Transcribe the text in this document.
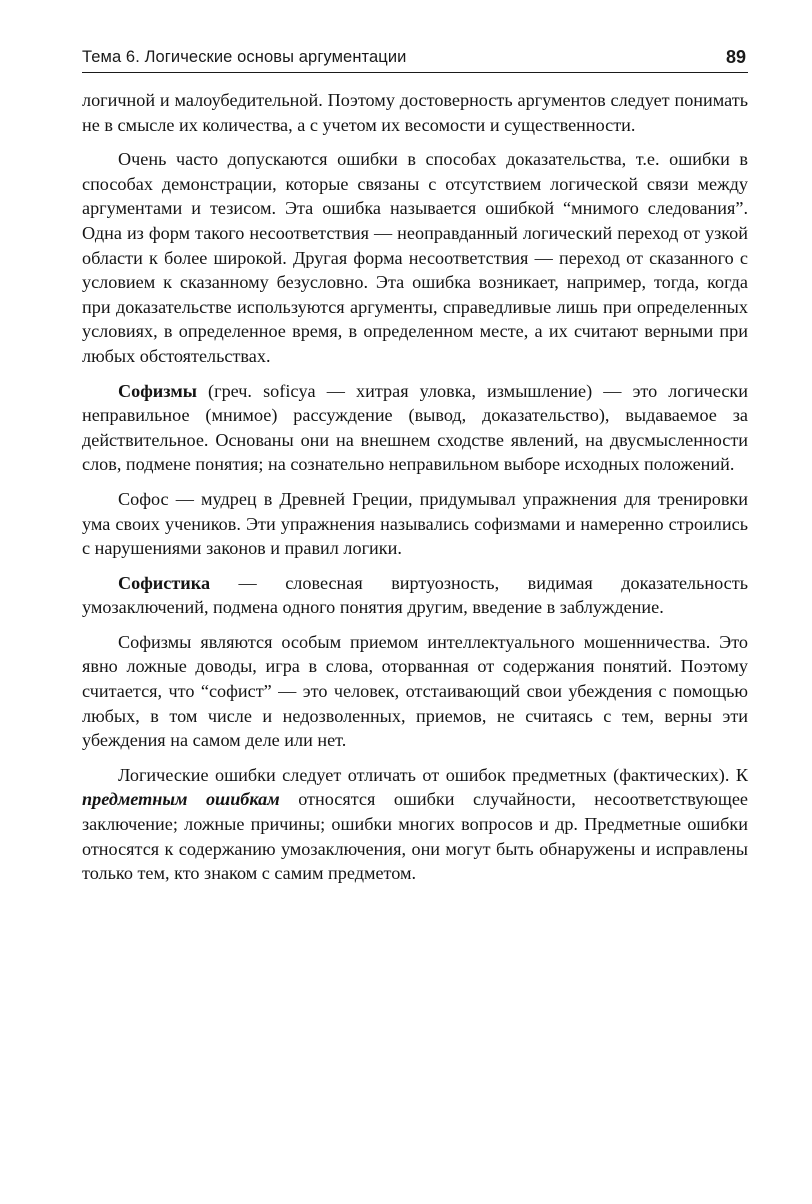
Тема 6. Логические основы аргументации	89

логичной и малоубедительной. Поэтому достоверность аргументов следует понимать не в смысле их количества, а с учетом их весомости и существенности.

Очень часто допускаются ошибки в способах доказательства, т.е. ошибки в способах демонстрации, которые связаны с отсутствием логической связи между аргументами и тезисом. Эта ошибка называется ошибкой “мнимого следования”. Одна из форм такого несоответствия — неоправданный логический переход от узкой области к более широкой. Другая форма несоответствия — переход от сказанного с условием к сказанному безусловно. Эта ошибка возникает, например, тогда, когда при доказательстве используются аргументы, справедливые лишь при определенных условиях, в определенное время, в определенном месте, а их считают верными при любых обстоятельствах.

Софизмы (греч. soficya — хитрая уловка, измышление) — это логически неправильное (мнимое) рассуждение (вывод, доказательство), выдаваемое за действительное. Основаны они на внешнем сходстве явлений, на двусмысленности слов, подмене понятия; на сознательно неправильном выборе исходных положений.

Софос — мудрец в Древней Греции, придумывал упражнения для тренировки ума своих учеников. Эти упражнения назывались софизмами и намеренно строились с нарушениями законов и правил логики.

Софистика — словесная виртуозность, видимая доказательность умозаключений, подмена одного понятия другим, введение в заблуждение.

Софизмы являются особым приемом интеллектуального мошенничества. Это явно ложные доводы, игра в слова, оторванная от содержания понятий. Поэтому считается, что “софист” — это человек, отстаивающий свои убеждения с помощью любых, в том числе и недозволенных, приемов, не считаясь с тем, верны эти убеждения на самом деле или нет.

Логические ошибки следует отличать от ошибок предметных (фактических). К предметным ошибкам относятся ошибки случайности, несоответствующее заключение; ложные причины; ошибки многих вопросов и др. Предметные ошибки относятся к содержанию умозаключения, они могут быть обнаружены и исправлены только тем, кто знаком с самим предметом.
